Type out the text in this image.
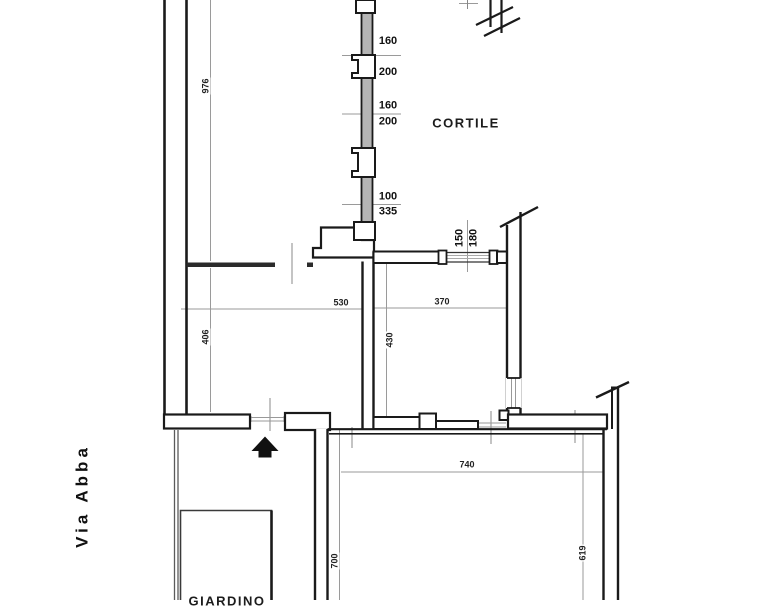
Via Abba
CORTILE
GIARDINO
160
200
160
200
100
335
150 180
976
530
406
370
430
740
700
619
